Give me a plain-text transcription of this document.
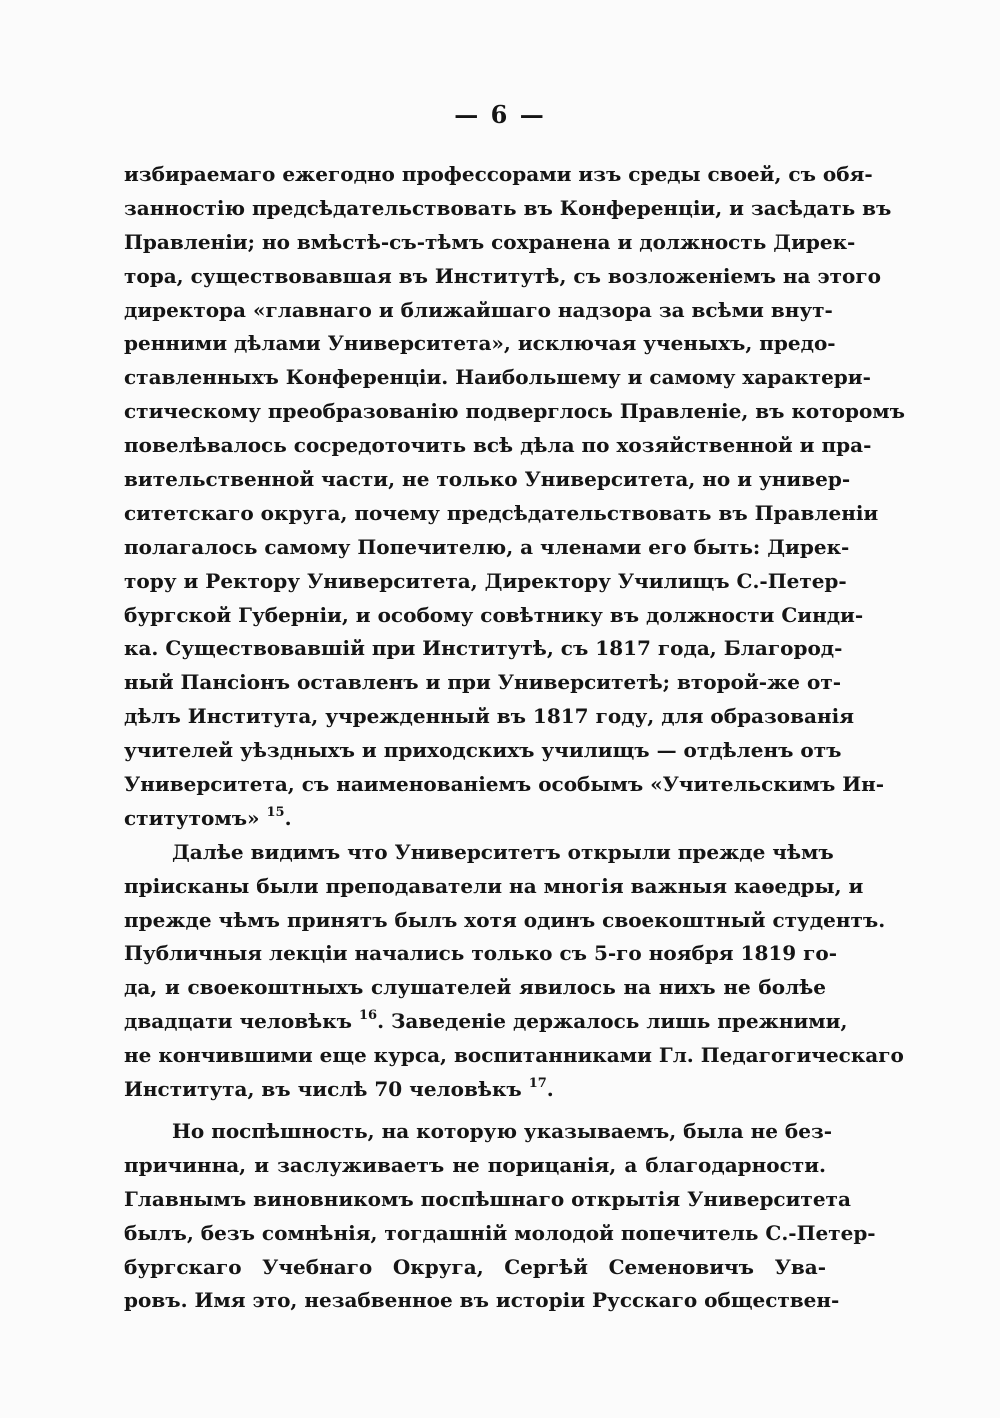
— 6 —
избираемаго ежегодно профессорами изъ среды своей, съ обя-
занностію предсѣдательствовать въ Конференціи, и засѣдать въ
Правленіи; но вмѣстѣ-съ-тѣмъ сохранена и должность Дирек-
тора, существовавшая въ Институтѣ, съ возложеніемъ на этого
директора «главнаго и ближайшаго надзора за всѣми внут-
ренними дѣлами Университета», исключая ученыхъ, предо-
ставленныхъ Конференціи. Наибольшему и самому характери-
стическому преобразованію подверглось Правленіе, въ которомъ
повелѣвалось сосредоточить всѣ дѣла по хозяйственной и пра-
вительственной части, не только Университета, но и универ-
ситетскаго округа, почему предсѣдательствовать въ Правленіи
полагалось самому Попечителю, а членами его быть: Дирек-
тору и Ректору Университета, Директору Училищъ С.-Петер-
бургской Губерніи, и особому совѣтнику въ должности Синди-
ка. Существовавшій при Институтѣ, съ 1817 года, Благород-
ный Пансіонъ оставленъ и при Университетѣ; второй-же от-
дѣлъ Института, учрежденный въ 1817 году, для образованія
учителей уѣздныхъ и приходскихъ училищъ — отдѣленъ отъ
Университета, съ наименованіемъ особымъ «Учительскимъ Ин-
ститутомъ» $^{15}$.
Далѣе видимъ что Университетъ открыли прежде чѣмъ
пріисканы были преподаватели на многія важныя каѳедры, и
прежде чѣмъ принятъ былъ хотя одинъ своекоштный студентъ.
Публичныя лекціи начались только съ 5-го ноября 1819 го-
да, и своекоштныхъ слушателей явилось на нихъ не болѣе
двадцати человѣкъ $^{16}$. Заведеніе держалось лишь прежними,
не кончившими еще курса, воспитанниками Гл. Педагогическаго
Института, въ числѣ 70 человѣкъ $^{17}$.
Но поспѣшность, на которую указываемъ, была не без-
причинна, и заслуживаетъ не порицанія, а благодарности.
Главнымъ виновникомъ поспѣшнаго открытія Университета
былъ, безъ сомнѣнія, тогдашній молодой попечитель С.-Петер-
бургскаго Учебнаго Округа, Сергѣй Семеновичъ Ува-
ровъ. Имя это, незабвенное въ исторіи Русскаго обществен-
